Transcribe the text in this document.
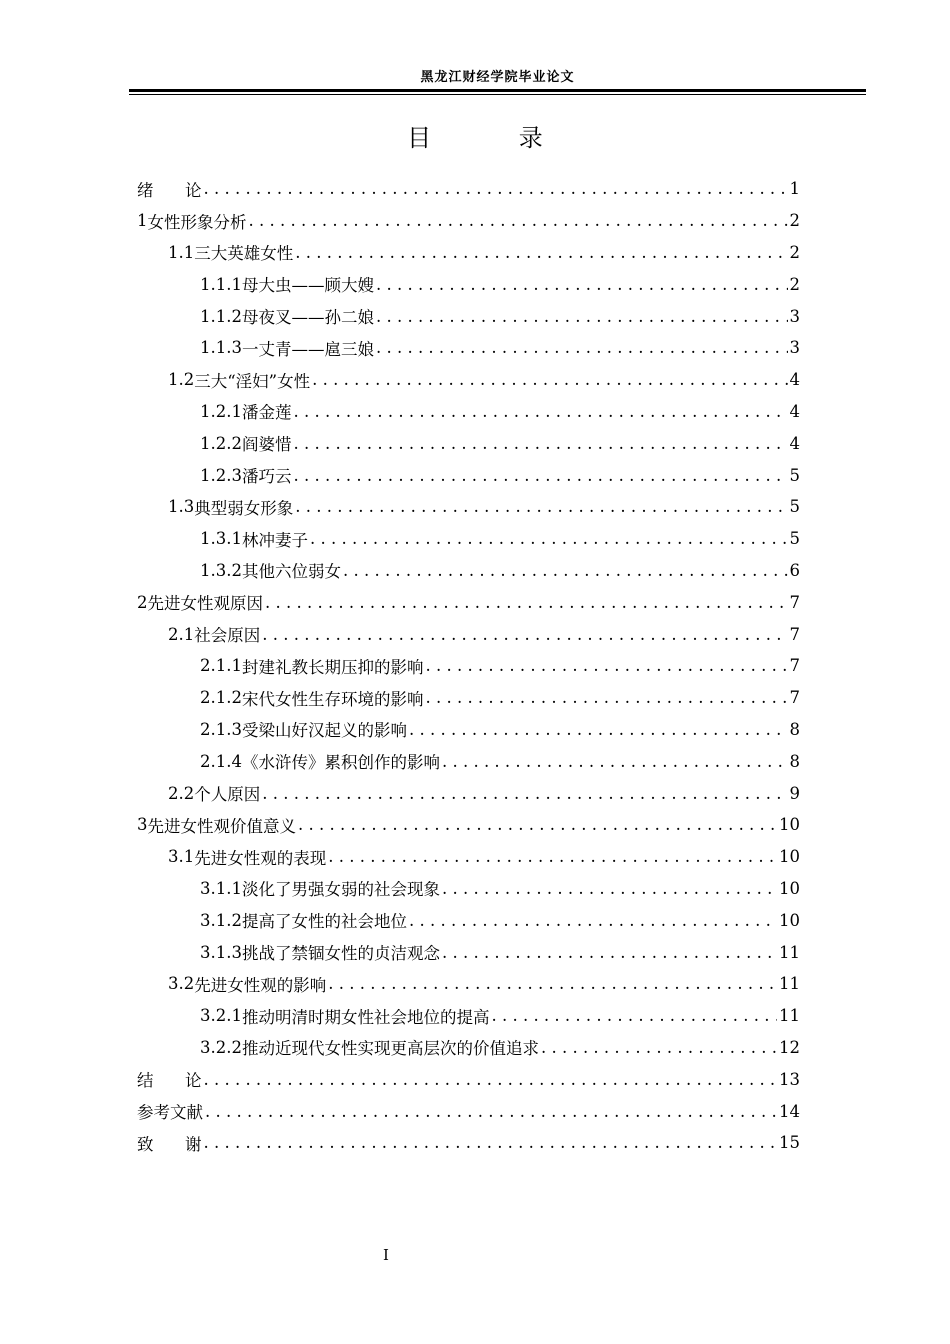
黑龙江财经学院毕业论文
目 录
绪      论 . . .	1
1 女性形象分析 . . .	2
1.1 三大英雄女性 . . .	2
1.1.1 母大虫——顾大嫂 . . .	2
1.1.2 母夜叉——孙二娘 . . .	3
1.1.3 一丈青——扈三娘 . . .	3
1.2 三大“淫妇”女性 . . .	4
1.2.1 潘金莲 . . .	4
1.2.2 阎婆惜 . . .	4
1.2.3 潘巧云 . . .	5
1.3 典型弱女形象 . . .	5
1.3.1 林冲妻子 . . .	5
1.3.2 其他六位弱女 . . .	6
2 先进女性观原因 . . .	7
2.1 社会原因 . . .	7
2.1.1 封建礼教长期压抑的影响 . . .	7
2.1.2 宋代女性生存环境的影响 . . .	7
2.1.3 受梁山好汉起义的影响 . . .	8
2.1.4 《水浒传》累积创作的影响 . . .	8
2.2 个人原因 . . .	9
3 先进女性观价值意义 . . .	10
3.1 先进女性观的表现 . . .	10
3.1.1 淡化了男强女弱的社会现象 . . .	10
3.1.2 提高了女性的社会地位 . . .	10
3.1.3 挑战了禁锢女性的贞洁观念 . . .	11
3.2 先进女性观的影响 . . .	11
3.2.1 推动明清时期女性社会地位的提高 . . .	11
3.2.2 推动近现代女性实现更高层次的价值追求 . . .	12
结      论 . . .	13
参考文献 . . .	14
致      谢 . . .	15
I
